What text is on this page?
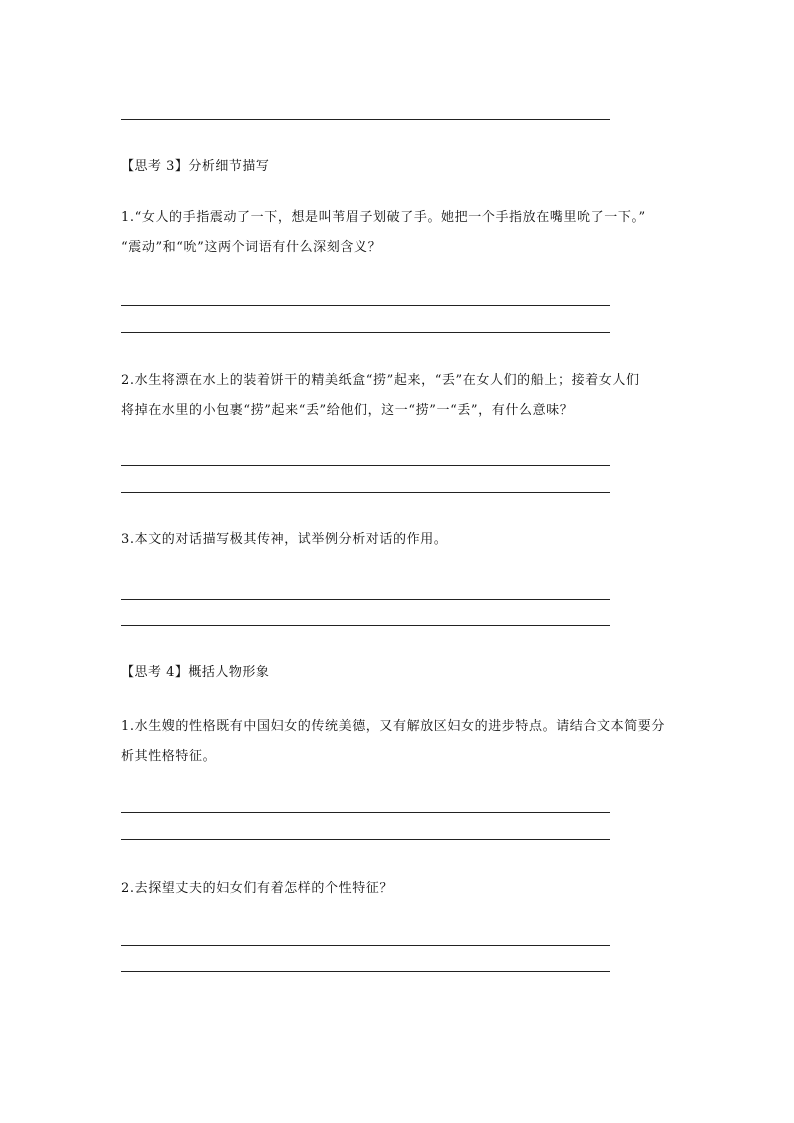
【思考 3】分析细节描写

1.“女人的手指震动了一下，想是叫苇眉子划破了手。她把一个手指放在嘴里吮了一下。”

“震动”和“吮”这两个词语有什么深刻含义？

2.水生将漂在水上的装着饼干的精美纸盒“捞”起来，“丢”在女人们的船上；接着女人们

将掉在水里的小包裹“捞”起来“丢”给他们，这一“捞”一“丢”，有什么意味？

3.本文的对话描写极其传神，试举例分析对话的作用。

【思考 4】概括人物形象

1.水生嫂的性格既有中国妇女的传统美德，又有解放区妇女的进步特点。请结合文本简要分

析其性格特征。

2.去探望丈夫的妇女们有着怎样的个性特征？
